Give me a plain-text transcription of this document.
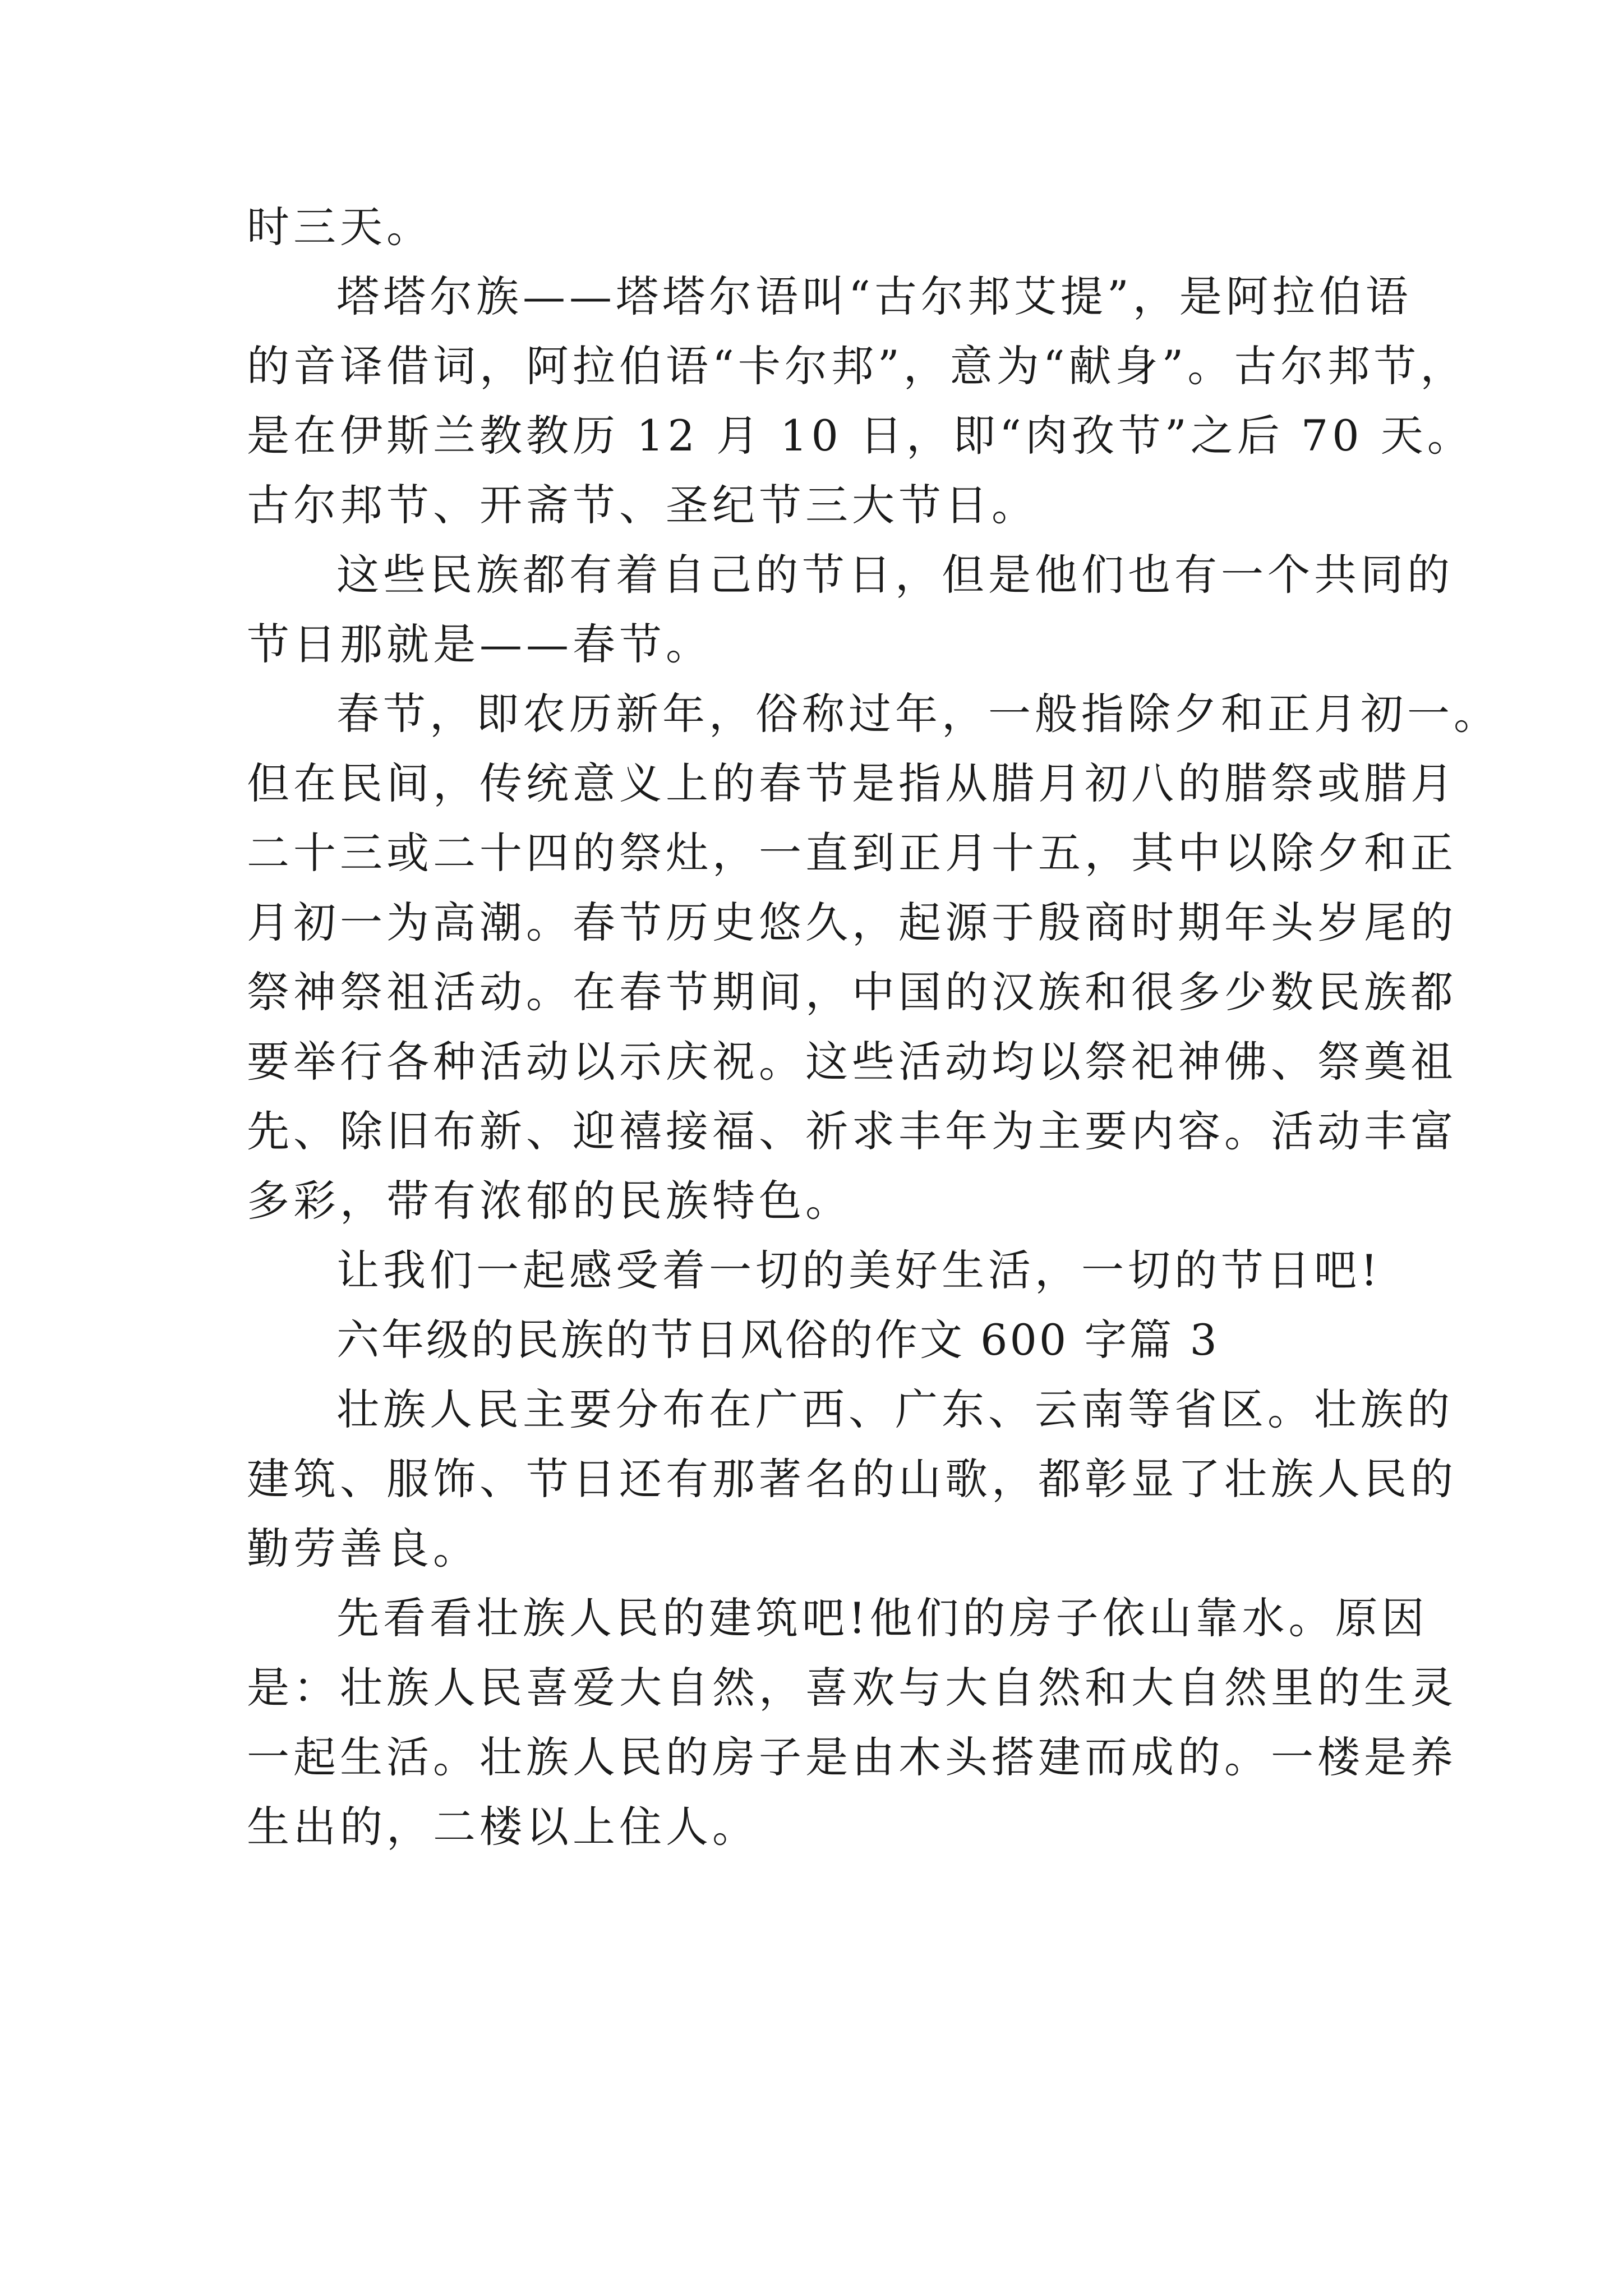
时三天。
塔塔尔族——塔塔尔语叫“古尔邦艾提”，是阿拉伯语
的音译借词，阿拉伯语“卡尔邦”，意为“献身”。古尔邦节，
是在伊斯兰教教历 12 月 10 日，即“肉孜节”之后 70 天。
古尔邦节、开斋节、圣纪节三大节日。
这些民族都有着自己的节日，但是他们也有一个共同的
节日那就是——春节。
春节，即农历新年，俗称过年，一般指除夕和正月初一。
但在民间，传统意义上的春节是指从腊月初八的腊祭或腊月
二十三或二十四的祭灶，一直到正月十五，其中以除夕和正
月初一为高潮。春节历史悠久，起源于殷商时期年头岁尾的
祭神祭祖活动。在春节期间，中国的汉族和很多少数民族都
要举行各种活动以示庆祝。这些活动均以祭祀神佛、祭奠祖
先、除旧布新、迎禧接福、祈求丰年为主要内容。活动丰富
多彩，带有浓郁的民族特色。
让我们一起感受着一切的美好生活，一切的节日吧!
六年级的民族的节日风俗的作文 600 字篇 3
壮族人民主要分布在广西、广东、云南等省区。壮族的
建筑、服饰、节日还有那著名的山歌，都彰显了壮族人民的
勤劳善良。
先看看壮族人民的建筑吧!他们的房子依山靠水。原因
是：壮族人民喜爱大自然，喜欢与大自然和大自然里的生灵
一起生活。壮族人民的房子是由木头搭建而成的。一楼是养
生出的，二楼以上住人。
